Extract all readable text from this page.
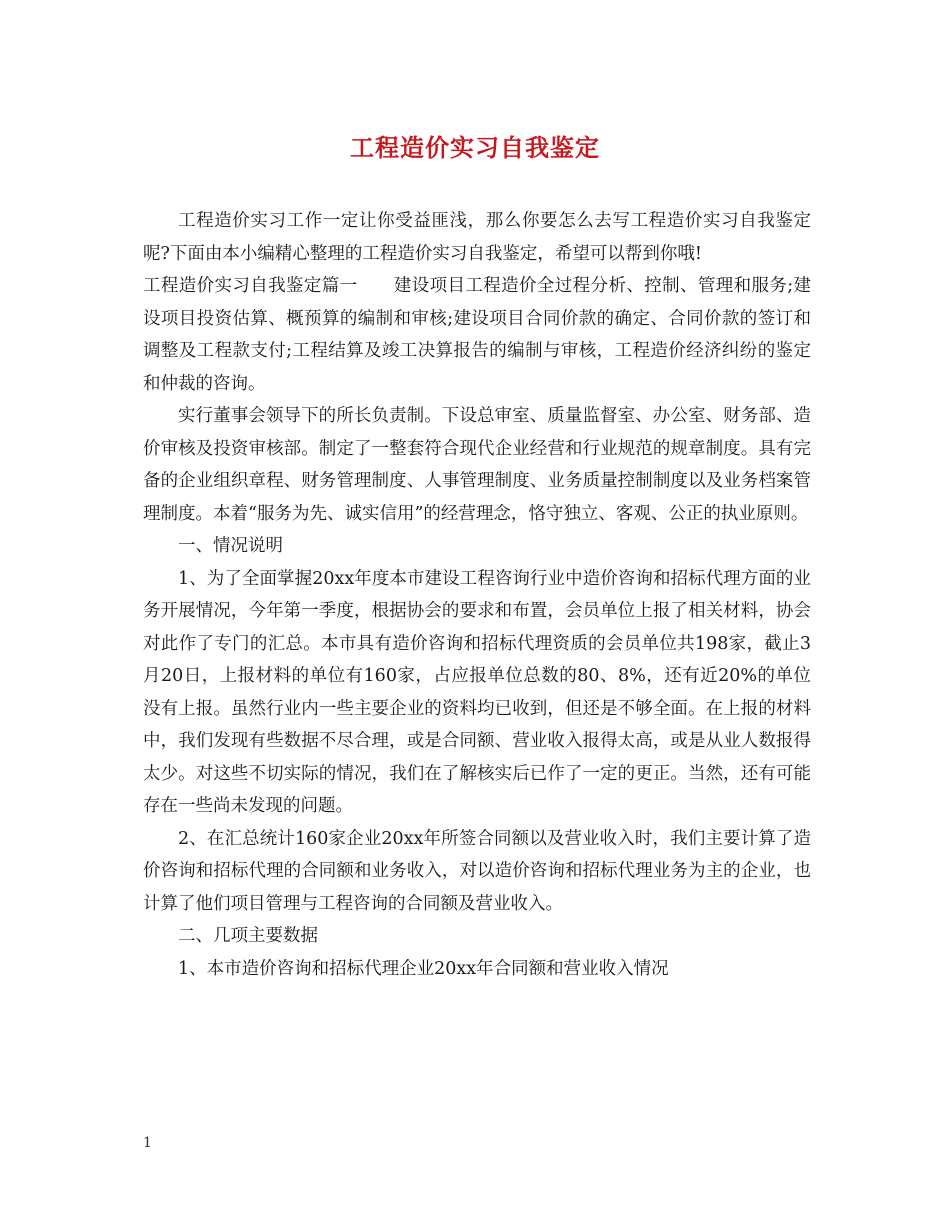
工程造价实习自我鉴定

工程造价实习工作一定让你受益匪浅，那么你要怎么去写工程造价实习自我鉴定呢?下面由本小编精心整理的工程造价实习自我鉴定，希望可以帮到你哦!

工程造价实习自我鉴定篇一 建设项目工程造价全过程分析、控制、管理和服务;建设项目投资估算、概预算的编制和审核;建设项目合同价款的确定、合同价款的签订和调整及工程款支付;工程结算及竣工决算报告的编制与审核，工程造价经济纠纷的鉴定和仲裁的咨询。

实行董事会领导下的所长负责制。下设总审室、质量监督室、办公室、财务部、造价审核及投资审核部。制定了一整套符合现代企业经营和行业规范的规章制度。具有完备的企业组织章程、财务管理制度、人事管理制度、业务质量控制制度以及业务档案管理制度。本着“服务为先、诚实信用”的经营理念，恪守独立、客观、公正的执业原则。

一、情况说明

1、为了全面掌握20xx年度本市建设工程咨询行业中造价咨询和招标代理方面的业务开展情况，今年第一季度，根据协会的要求和布置，会员单位上报了相关材料，协会对此作了专门的汇总。本市具有造价咨询和招标代理资质的会员单位共198家，截止3月20日，上报材料的单位有160家，占应报单位总数的80、8%，还有近20%的单位没有上报。虽然行业内一些主要企业的资料均已收到，但还是不够全面。在上报的材料中，我们发现有些数据不尽合理，或是合同额、营业收入报得太高，或是从业人数报得太少。对这些不切实际的情况，我们在了解核实后已作了一定的更正。当然，还有可能存在一些尚未发现的问题。

2、在汇总统计160家企业20xx年所签合同额以及营业收入时，我们主要计算了造价咨询和招标代理的合同额和业务收入，对以造价咨询和招标代理业务为主的企业，也计算了他们项目管理与工程咨询的合同额及营业收入。

二、几项主要数据

1、本市造价咨询和招标代理企业20xx年合同额和营业收入情况

1
